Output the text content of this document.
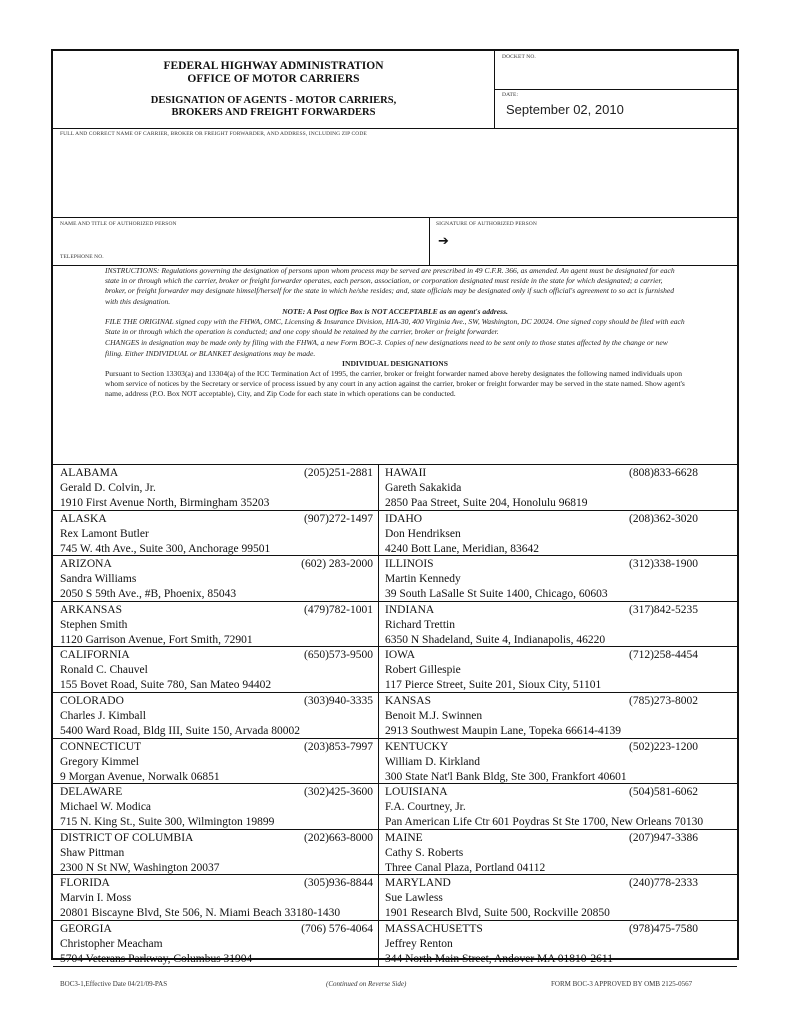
FEDERAL HIGHWAY ADMINISTRATION
OFFICE OF MOTOR CARRIERS
DESIGNATION OF AGENTS - MOTOR CARRIERS,
BROKERS AND FREIGHT FORWARDERS
DOCKET NO.
DATE:
September 02, 2010
FULL AND CORRECT NAME OF CARRIER, BROKER OR FREIGHT FORWARDER, AND ADDRESS, INCLUDING ZIP CODE
NAME AND TITLE OF AUTHORIZED PERSON
TELEPHONE NO.
SIGNATURE OF AUTHORIZED PERSON
➔

INSTRUCTIONS: Regulations governing the designation of persons upon whom process may be served are prescribed in 49 C.F.R. 366, as amended. An agent must be designated for each state in or through which the carrier, broker or freight forwarder operates, each person, association, or corporation designated must reside in the state for which designated; a carrier, broker, or freight forwarder may designate himself/herself for the state in which he/she resides; and, state officials may be designated only if such official's agreement to so act is furnished with this designation.

NOTE: A Post Office Box is NOT ACCEPTABLE as an agent's address.

FILE THE ORIGINAL signed copy with the FHWA, OMC, Licensing & Insurance Division, HIA-30, 400 Virginia Ave., SW, Washington, DC 20024. One signed copy should be filed with each State in or through which the operation is conducted; and one copy should be retained by the carrier, broker or freight forwarder.

CHANGES in designation may be made only by filing with the FHWA, a new Form BOC-3. Copies of new designations need to be sent only to those states affected by the change or new filing. Either INDIVIDUAL or BLANKET designations may be made.

INDIVIDUAL DESIGNATIONS

Pursuant to Section 13303(a) and 13304(a) of the ICC Termination Act of 1995, the carrier, broker or freight forwarder named above hereby designates the following named individuals upon whom service of notices by the Secretary or service of process issued by any court in any action against the carrier, broker or freight forwarder may be served in the state named. Show agent's name, address (P.O. Box NOT acceptable), City, and Zip Code for each state in which operations can be conducted.

ALABAMA	(205)251-2881
Gerald D. Colvin, Jr.
1910 First Avenue North, Birmingham 35203
ALASKA	(907)272-1497
Rex Lamont Butler
745 W. 4th Ave., Suite 300, Anchorage 99501
ARIZONA	(602) 283-2000
Sandra Williams
2050 S 59th Ave., #B, Phoenix, 85043
ARKANSAS	(479)782-1001
Stephen Smith
1120 Garrison Avenue, Fort Smith, 72901
CALIFORNIA	(650)573-9500
Ronald C. Chauvel
155 Bovet Road, Suite 780, San Mateo 94402
COLORADO	(303)940-3335
Charles J. Kimball
5400 Ward Road, Bldg III, Suite 150, Arvada 80002
CONNECTICUT	(203)853-7997
Gregory Kimmel
9 Morgan Avenue, Norwalk 06851
DELAWARE	(302)425-3600
Michael W. Modica
715 N. King St., Suite 300, Wilmington 19899
DISTRICT OF COLUMBIA	(202)663-8000
Shaw Pittman
2300 N St NW, Washington 20037
FLORIDA	(305)936-8844
Marvin I. Moss
20801 Biscayne Blvd, Ste 506, N. Miami Beach 33180-1430
GEORGIA	(706) 576-4064
Christopher Meacham
5704 Veterans Parkway, Columbus 31904
HAWAII	(808)833-6628
Gareth Sakakida
2850 Paa Street, Suite 204, Honolulu 96819
IDAHO	(208)362-3020
Don Hendriksen
4240 Bott Lane, Meridian, 83642
ILLINOIS	(312)338-1900
Martin Kennedy
39 South LaSalle St Suite 1400, Chicago, 60603
INDIANA	(317)842-5235
Richard Trettin
6350 N Shadeland, Suite 4, Indianapolis, 46220
IOWA	(712)258-4454
Robert Gillespie
117 Pierce Street, Suite 201, Sioux City, 51101
KANSAS	(785)273-8002
Benoit M.J. Swinnen
2913 Southwest Maupin Lane, Topeka 66614-4139
KENTUCKY	(502)223-1200
William D. Kirkland
300 State Nat'l Bank Bldg, Ste 300, Frankfort 40601
LOUISIANA	(504)581-6062
F.A. Courtney, Jr.
Pan American Life Ctr 601 Poydras St Ste 1700, New Orleans 70130
MAINE	(207)947-3386
Cathy S. Roberts
Three Canal Plaza, Portland 04112
MARYLAND	(240)778-2333
Sue Lawless
1901 Research Blvd, Suite 500, Rockville 20850
MASSACHUSETTS	(978)475-7580
Jeffrey Renton
344 North Main Street, Andover MA 01810-2611
BOC3-1,Effective Date 04/21/09-PAS	(Continued on Reverse Side)	FORM BOC-3 APPROVED BY OMB 2125-0567
